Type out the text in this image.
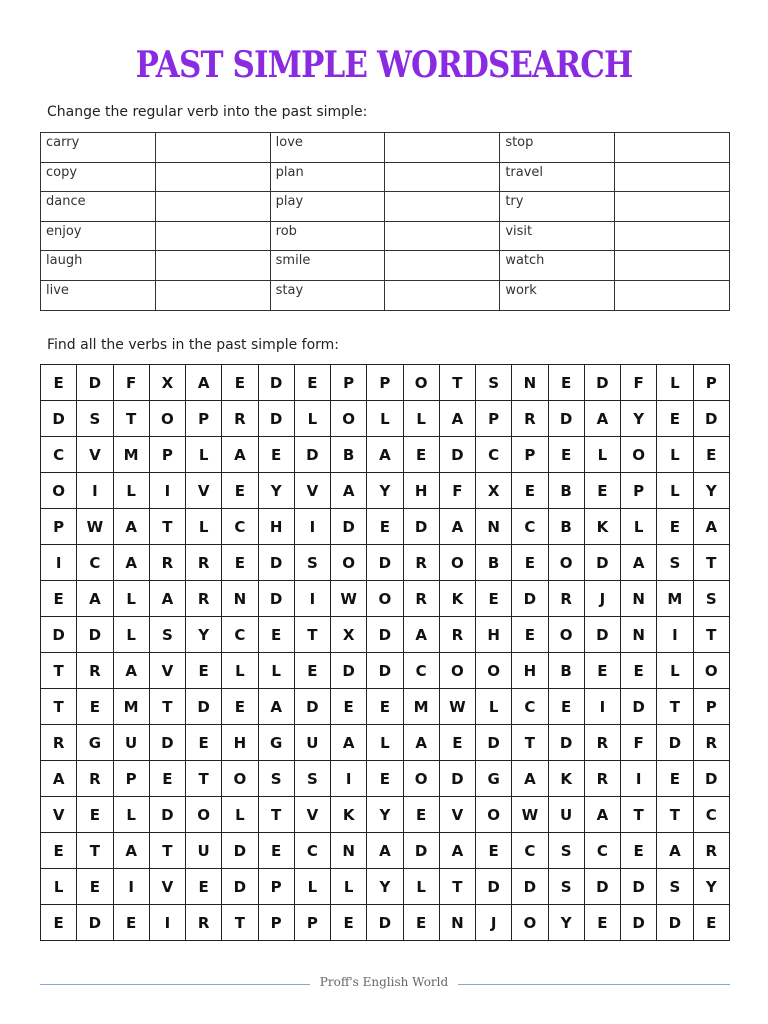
PAST SIMPLE WORDSEARCH
Change the regular verb into the past simple:
carry		love		stop	
copy		plan		travel	
dance		play		try	
enjoy		rob		visit	
laugh		smile		watch	
live		stay		work	
Find all the verbs in the past simple form:
E	D	F	X	A	E	D	E	P	P	O	T	S	N	E	D	F	L	P
D	S	T	O	P	R	D	L	O	L	L	A	P	R	D	A	Y	E	D
C	V	M	P	L	A	E	D	B	A	E	D	C	P	E	L	O	L	E
O	I	L	I	V	E	Y	V	A	Y	H	F	X	E	B	E	P	L	Y
P	W	A	T	L	C	H	I	D	E	D	A	N	C	B	K	L	E	A
I	C	A	R	R	E	D	S	O	D	R	O	B	E	O	D	A	S	T
E	A	L	A	R	N	D	I	W	O	R	K	E	D	R	J	N	M	S
D	D	L	S	Y	C	E	T	X	D	A	R	H	E	O	D	N	I	T
T	R	A	V	E	L	L	E	D	D	C	O	O	H	B	E	E	L	O
T	E	M	T	D	E	A	D	E	E	M	W	L	C	E	I	D	T	P
R	G	U	D	E	H	G	U	A	L	A	E	D	T	D	R	F	D	R
A	R	P	E	T	O	S	S	I	E	O	D	G	A	K	R	I	E	D
V	E	L	D	O	L	T	V	K	Y	E	V	O	W	U	A	T	T	C
E	T	A	T	U	D	E	C	N	A	D	A	E	C	S	C	E	A	R
L	E	I	V	E	D	P	L	L	Y	L	T	D	D	S	D	D	S	Y
E	D	E	I	R	T	P	P	E	D	E	N	J	O	Y	E	D	D	E
Proff's English World
